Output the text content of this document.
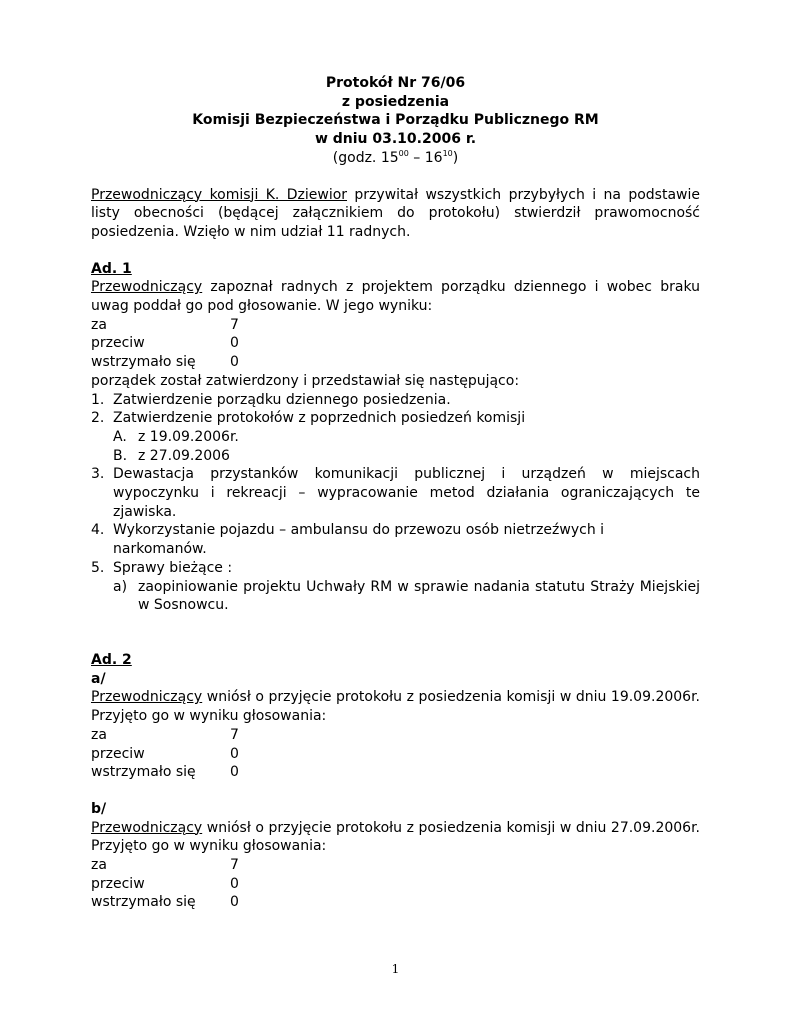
Protokół Nr 76/06
z posiedzenia
Komisji Bezpieczeństwa i Porządku Publicznego RM
w dniu 03.10.2006 r.
(godz. $15^{00} - 16^{10}$)
Przewodniczący komisji K. Dziewior przywitał wszystkich przybyłych i na podstawie listy obecności (będącej załącznikiem do protokołu) stwierdził prawomocność posiedzenia. Wzięło w nim udział 11 radnych.
Ad. 1
Przewodniczący zapoznał radnych z projektem porządku dziennego i wobec braku uwag poddał go pod głosowanie. W jego wyniku:
za	7
przeciw	0
wstrzymało się	0
porządek został zatwierdzony i przedstawiał się następująco:
1. Zatwierdzenie porządku dziennego posiedzenia.
2. Zatwierdzenie protokołów z poprzednich posiedzeń komisji
A. z 19.09.2006r.
B. z 27.09.2006
3. Dewastacja przystanków komunikacji publicznej i urządzeń w miejscach wypoczynku i rekreacji – wypracowanie metod działania ograniczających te zjawiska.
4. Wykorzystanie pojazdu – ambulansu do przewozu osób nietrzeźwych i narkomanów.
5. Sprawy bieżące :
a) zaopiniowanie projektu Uchwały RM w sprawie nadania statutu Straży Miejskiej w Sosnowcu.
Ad. 2
a/
Przewodniczący wniósł o przyjęcie protokołu z posiedzenia komisji w dniu 19.09.2006r. Przyjęto go w wyniku głosowania:
za	7
przeciw	0
wstrzymało się	0
b/
Przewodniczący wniósł o przyjęcie protokołu z posiedzenia komisji w dniu 27.09.2006r. Przyjęto go w wyniku głosowania:
za	7
przeciw	0
wstrzymało się	0
1
